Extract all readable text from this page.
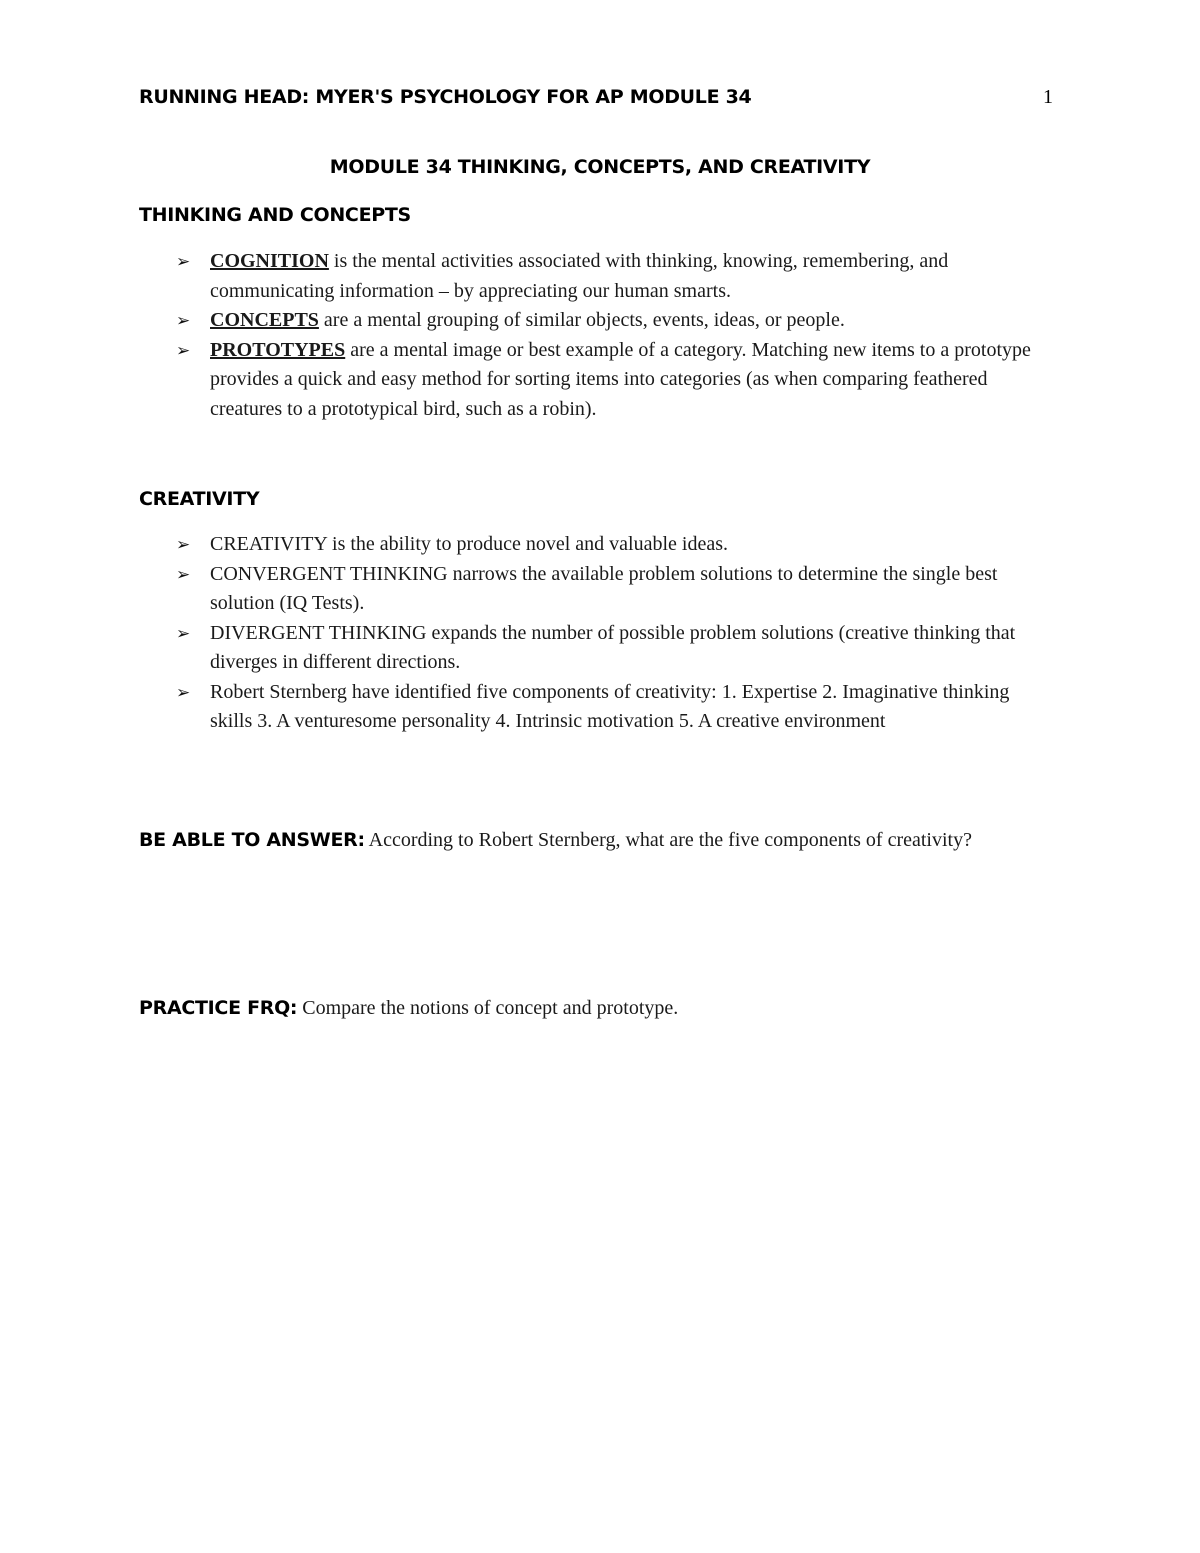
RUNNING HEAD: MYER'S PSYCHOLOGY FOR AP MODULE 34	1
MODULE 34 THINKING, CONCEPTS, AND CREATIVITY
THINKING AND CONCEPTS
➢ COGNITION is the mental activities associated with thinking, knowing, remembering, and communicating information – by appreciating our human smarts.
➢ CONCEPTS are a mental grouping of similar objects, events, ideas, or people.
➢ PROTOTYPES are a mental image or best example of a category. Matching new items to a prototype provides a quick and easy method for sorting items into categories (as when comparing feathered creatures to a prototypical bird, such as a robin).
CREATIVITY
➢ CREATIVITY is the ability to produce novel and valuable ideas.
➢ CONVERGENT THINKING narrows the available problem solutions to determine the single best solution (IQ Tests).
➢ DIVERGENT THINKING expands the number of possible problem solutions (creative thinking that diverges in different directions.
➢ Robert Sternberg have identified five components of creativity: 1. Expertise 2. Imaginative thinking skills 3. A venturesome personality 4. Intrinsic motivation 5. A creative environment
BE ABLE TO ANSWER: According to Robert Sternberg, what are the five components of creativity?
PRACTICE FRQ: Compare the notions of concept and prototype.
